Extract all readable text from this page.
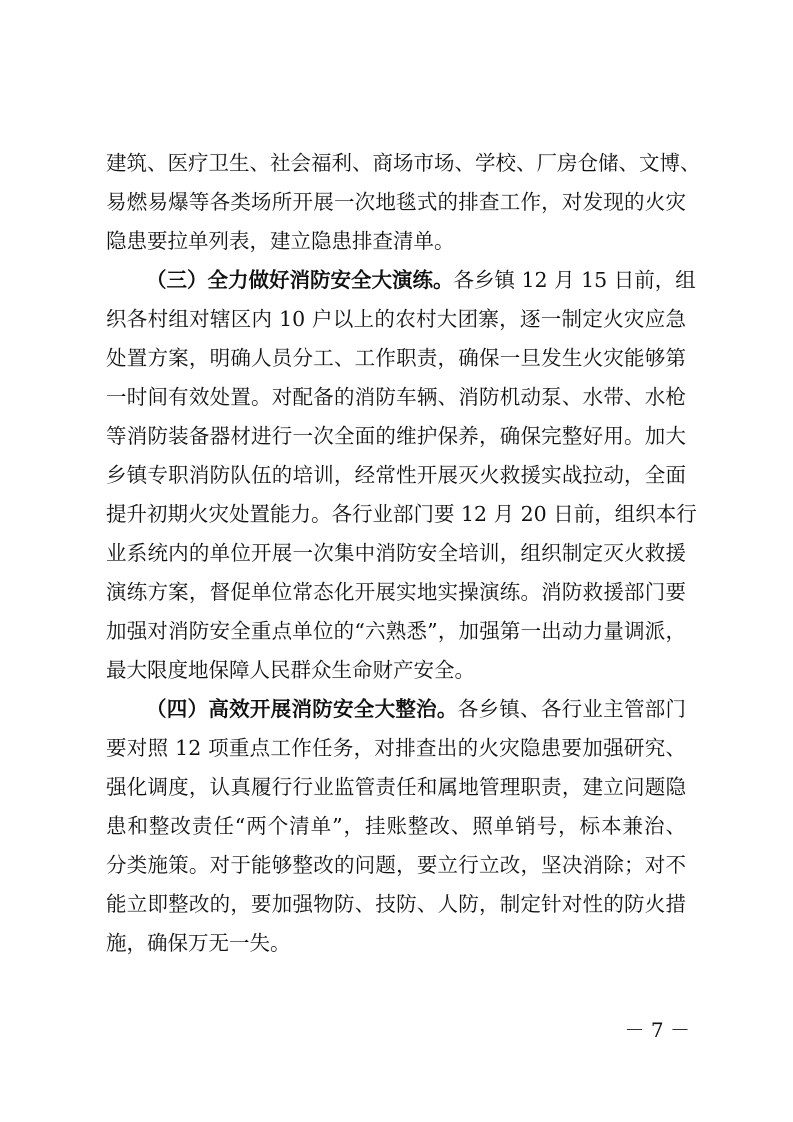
建筑、医疗卫生、社会福利、商场市场、学校、厂房仓储、文博、
易燃易爆等各类场所开展一次地毯式的排查工作，对发现的火灾
隐患要拉单列表，建立隐患排查清单。
（三）全力做好消防安全大演练。各乡镇 12 月 15 日前，组
织各村组对辖区内 10 户以上的农村大团寨，逐一制定火灾应急
处置方案，明确人员分工、工作职责，确保一旦发生火灾能够第
一时间有效处置。对配备的消防车辆、消防机动泵、水带、水枪
等消防装备器材进行一次全面的维护保养，确保完整好用。加大
乡镇专职消防队伍的培训，经常性开展灭火救援实战拉动，全面
提升初期火灾处置能力。各行业部门要 12 月 20 日前，组织本行
业系统内的单位开展一次集中消防安全培训，组织制定灭火救援
演练方案，督促单位常态化开展实地实操演练。消防救援部门要
加强对消防安全重点单位的“六熟悉”，加强第一出动力量调派，
最大限度地保障人民群众生命财产安全。
（四）高效开展消防安全大整治。各乡镇、各行业主管部门
要对照 12 项重点工作任务，对排查出的火灾隐患要加强研究、
强化调度，认真履行行业监管责任和属地管理职责，建立问题隐
患和整改责任“两个清单”，挂账整改、照单销号，标本兼治、
分类施策。对于能够整改的问题，要立行立改，坚决消除；对不
能立即整改的，要加强物防、技防、人防，制定针对性的防火措
施，确保万无一失。
－ 7 －
